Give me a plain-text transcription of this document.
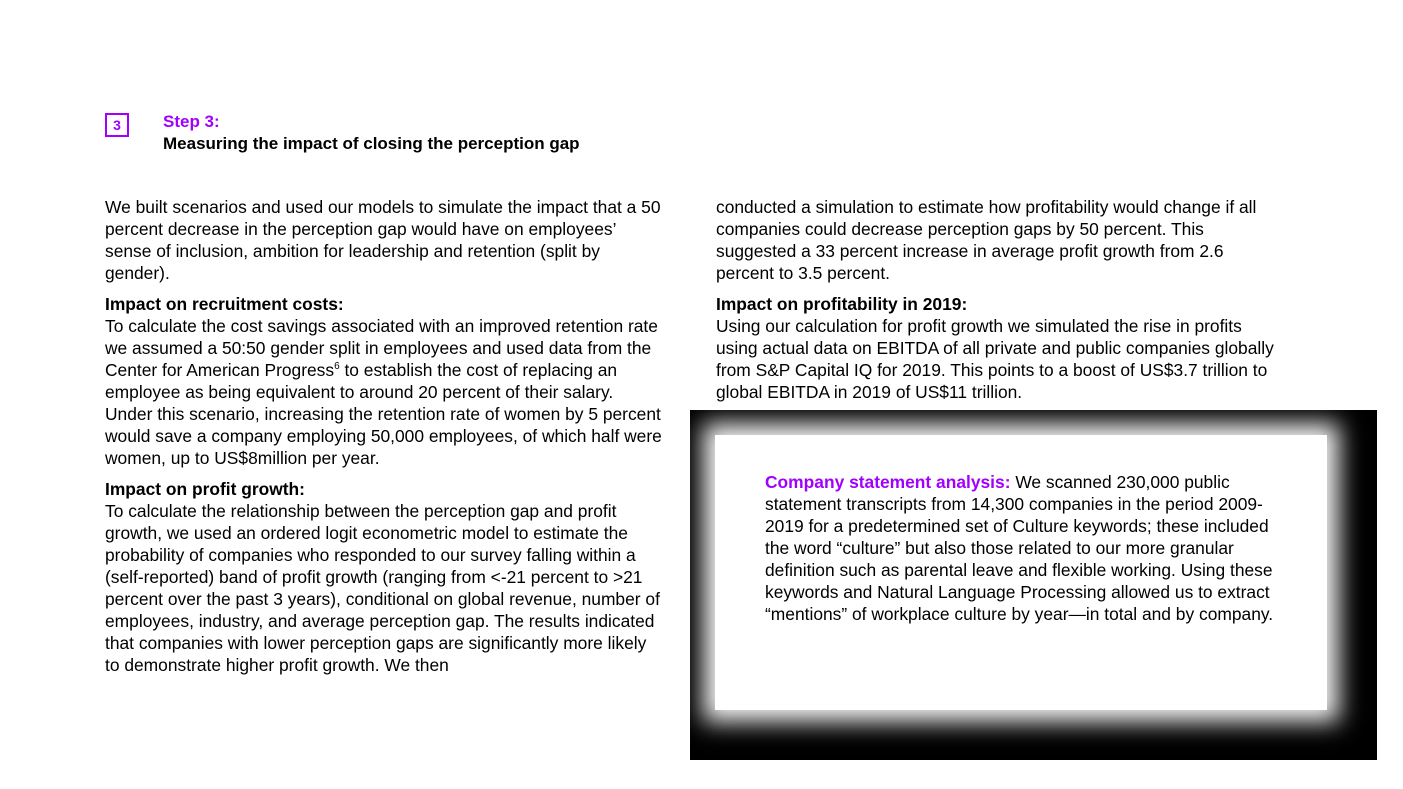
3	Step 3:
Measuring the impact of closing the perception gap

We built scenarios and used our models to simulate the impact that a 50 percent decrease in the perception gap would have on employees’ sense of inclusion, ambition for leadership and retention (split by gender).

Impact on recruitment costs:
To calculate the cost savings associated with an improved retention rate we assumed a 50:50 gender split in employees and used data from the Center for American Progress$^6$ to establish the cost of replacing an employee as being equivalent to around 20 percent of their salary. Under this scenario, increasing the retention rate of women by 5 percent would save a company employing 50,000 employees, of which half were women, up to US$8million per year.

Impact on profit growth:
To calculate the relationship between the perception gap and profit growth, we used an ordered logit econometric model to estimate the probability of companies who responded to our survey falling within a (self-reported) band of profit growth (ranging from <-21 percent to >21 percent over the past 3 years), conditional on global revenue, number of employees, industry, and average perception gap. The results indicated that companies with lower perception gaps are significantly more likely to demonstrate higher profit growth. We then

conducted a simulation to estimate how profitability would change if all companies could decrease perception gaps by 50 percent. This suggested a 33 percent increase in average profit growth from 2.6 percent to 3.5 percent.

Impact on profitability in 2019:
Using our calculation for profit growth we simulated the rise in profits using actual data on EBITDA of all private and public companies globally from S&P Capital IQ for 2019. This points to a boost of US$3.7 trillion to global EBITDA in 2019 of US$11 trillion.

Company statement analysis: We scanned 230,000 public statement transcripts from 14,300 companies in the period 2009-2019 for a predetermined set of Culture keywords; these included the word “culture” but also those related to our more granular definition such as parental leave and flexible working. Using these keywords and Natural Language Processing allowed us to extract “mentions” of workplace culture by year—in total and by company.
